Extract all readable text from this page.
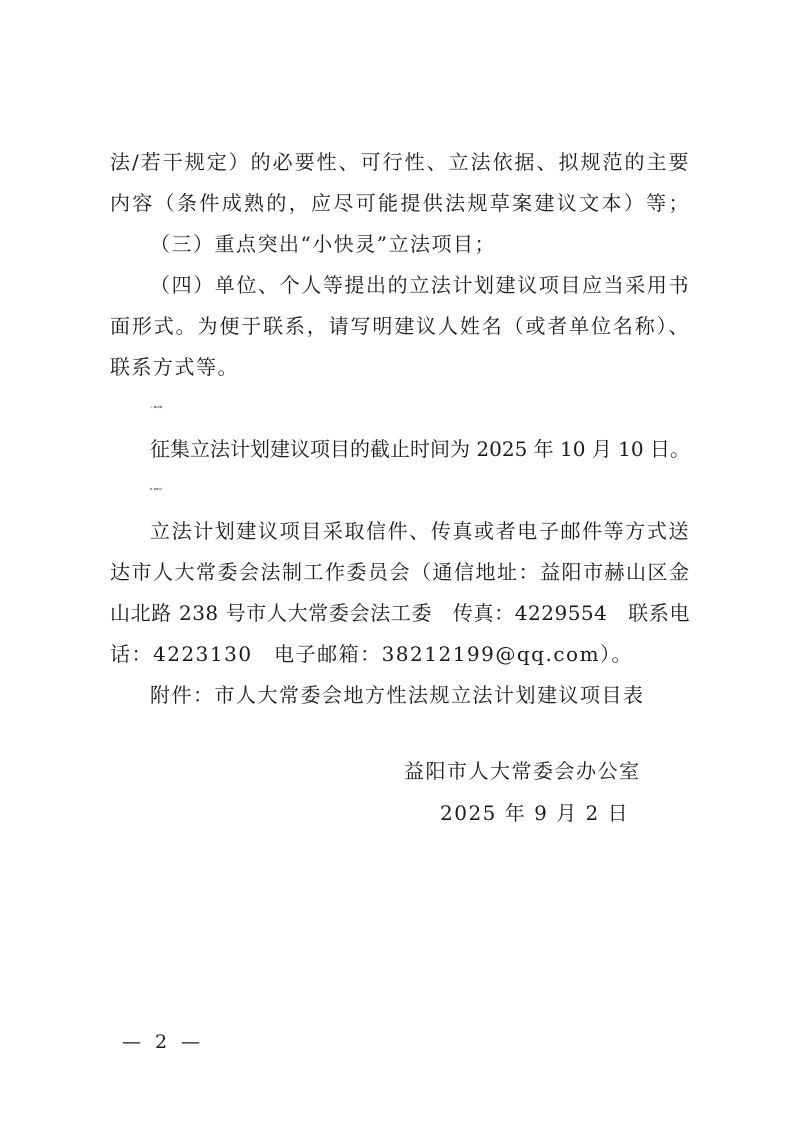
法/若干规定）的必要性、可行性、立法依据、拟规范的主要
内容（条件成熟的，应尽可能提供法规草案建议文本）等；
（三）重点突出“小快灵”立法项目；
（四）单位、个人等提出的立法计划建议项目应当采用书
面形式。为便于联系，请写明建议人姓名（或者单位名称）、
联系方式等。
三、截止日期
征集立法计划建议项目的截止时间为 2025 年 10 月 10 日。
四、报送方式
立法计划建议项目采取信件、传真或者电子邮件等方式送
达市人大常委会法制工作委员会（通信地址：益阳市赫山区金
山北路 238 号市人大常委会法工委　传真：4229554　联系电
话：4223130　电子邮箱：38212199@qq.com）。
附件：市人大常委会地方性法规立法计划建议项目表
益阳市人大常委会办公室
2025 年 9 月 2 日
— 2 —
